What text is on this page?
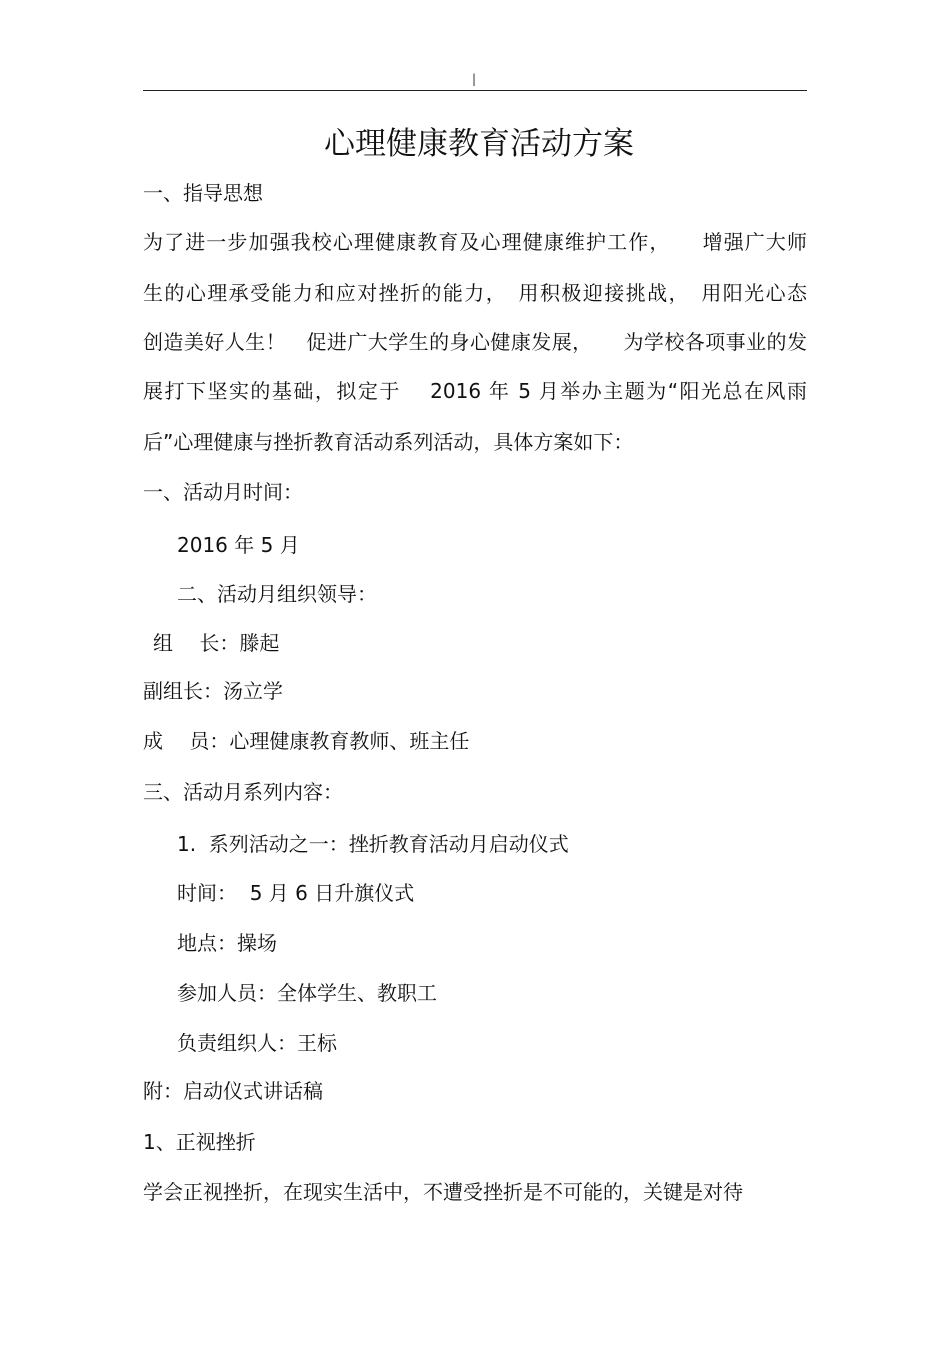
|
心理健康教育活动方案
一、指导思想
为了进一步加强我校心理健康教育及心理健康维护工作，　　增强广大师
生的心理承受能力和应对挫折的能力，　用积极迎接挑战，　用阳光心态
创造美好人生！　促进广大学生的身心健康发展，　　为学校各项事业的发
展打下坚实的基础，拟定于　 2016 年 5 月举办主题为“阳光总在风雨
后”心理健康与挫折教育活动系列活动，具体方案如下：
一、活动月时间：
2016 年 5 月
二、活动月组织领导：
组　 长：滕起
副组长：汤立学
成　 员：心理健康教育教师、班主任
三、活动月系列内容：
1.  系列活动之一：挫折教育活动月启动仪式
时间：  5 月 6 日升旗仪式
地点：操场
参加人员：全体学生、教职工
负责组织人：王标
附：启动仪式讲话稿
1、正视挫折
学会正视挫折，在现实生活中，不遭受挫折是不可能的，关键是对待
